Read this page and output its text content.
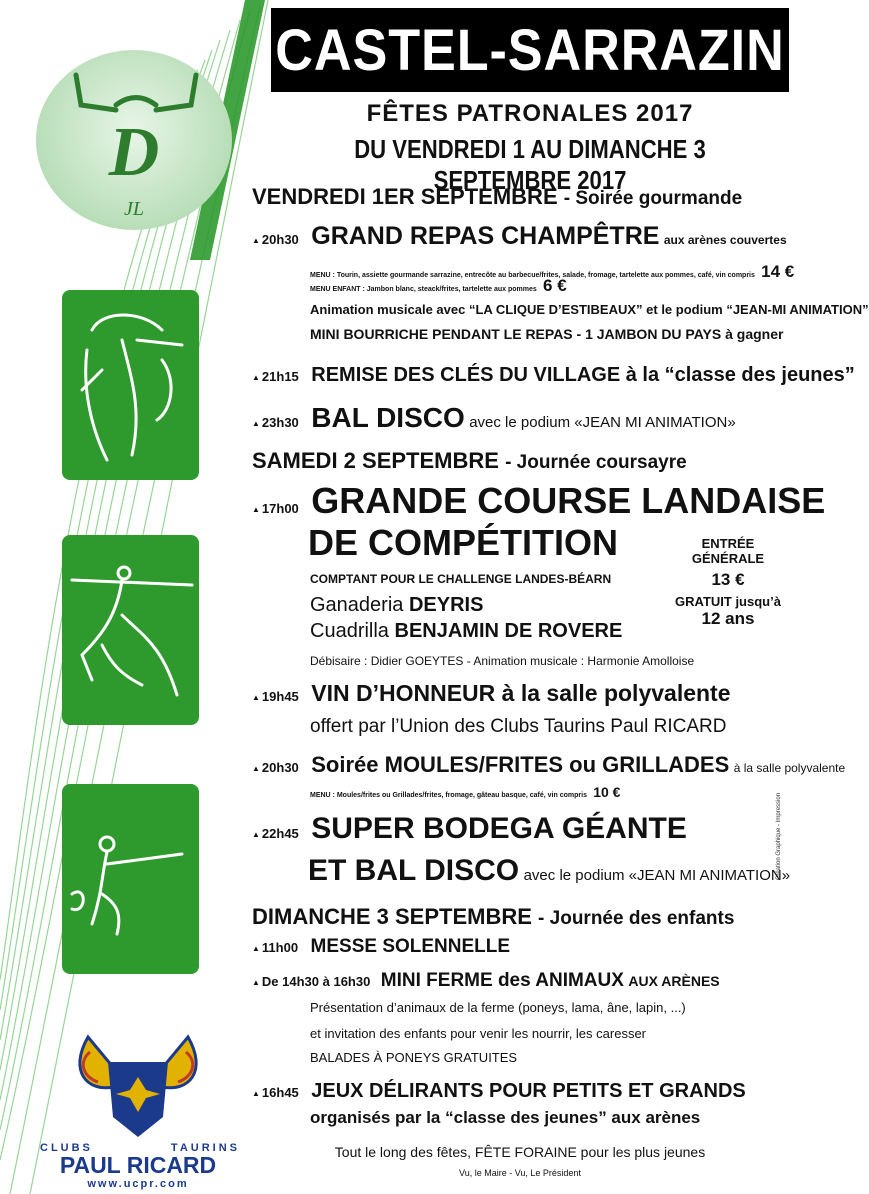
D
JL
CLUBS	TAURINS
PAUL RICARD
www.ucpr.com
CASTEL-SARRAZIN
FÊTES PATRONALES 2017
DU VENDREDI 1 AU DIMANCHE 3 SEPTEMBRE 2017
VENDREDI 1ER SEPTEMBRE - Soirée gourmande
▲ 20h30 GRAND REPAS CHAMPÊTRE aux arènes couvertes
MENU : Tourin, assiette gourmande sarrazine, entrecôte au barbecue/frites, salade, fromage, tartelette aux pommes, café, vin compris 14 €
MENU ENFANT : Jambon blanc, steack/frites, tartelette aux pommes 6 €
Animation musicale avec “LA CLIQUE D’ESTIBEAUX” et le podium “JEAN-MI ANIMATION”
MINI BOURRICHE PENDANT LE REPAS - 1 JAMBON DU PAYS à gagner
▲ 21h15 REMISE DES CLÉS DU VILLAGE à la “classe des jeunes”
▲ 23h30 BAL DISCO avec le podium «JEAN MI ANIMATION»
SAMEDI 2 SEPTEMBRE - Journée coursayre
▲ 17h00 GRANDE COURSE LANDAISE
DE COMPÉTITION	ENTRÉE GÉNÉRALE
13 €
GRATUIT jusqu’à
12 ans
COMPTANT POUR LE CHALLENGE LANDES-BÉARN
Ganaderia DEYRIS
Cuadrilla BENJAMIN DE ROVERE
Débisaire : Didier GOEYTES - Animation musicale : Harmonie Amolloise
▲ 19h45 VIN D’HONNEUR à la salle polyvalente
offert par l’Union des Clubs Taurins Paul RICARD
▲ 20h30 Soirée MOULES/FRITES ou GRILLADES à la salle polyvalente
MENU : Moules/frites ou Grillades/frites, fromage, gâteau basque, café, vin compris 10 €
▲ 22h45 SUPER BODEGA GÉANTE
ET BAL DISCO avec le podium «JEAN MI ANIMATION»
DIMANCHE 3 SEPTEMBRE - Journée des enfants
▲ 11h00 MESSE SOLENNELLE
▲ De 14h30 à 16h30 MINI FERME des ANIMAUX AUX ARÈNES
Présentation d’animaux de la ferme (poneys, lama, âne, lapin, ...)
et invitation des enfants pour venir les nourrir, les caresser
BALADES À PONEYS GRATUITES
▲ 16h45 JEUX DÉLIRANTS POUR PETITS ET GRANDS
organisés par la “classe des jeunes” aux arènes
Tout le long des fêtes, FÊTE FORAINE pour les plus jeunes
Vu, le Maire - Vu, Le Président
Création Graphique - Impression
